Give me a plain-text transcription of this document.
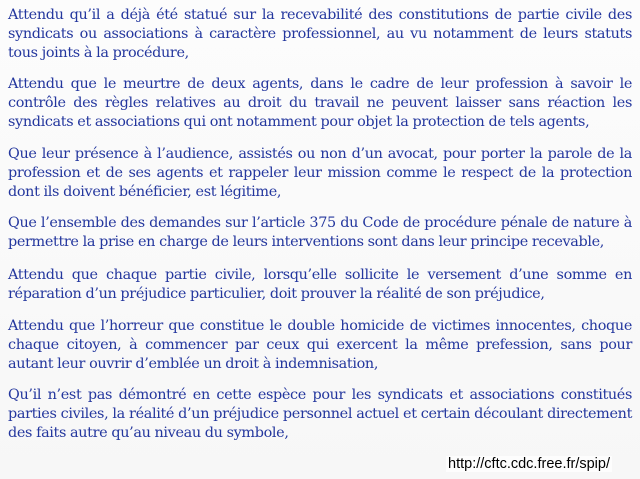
Attendu qu’il a déjà été statué sur la recevabilité des constitutions de partie civile des syndicats ou associations à caractère professionnel, au vu notamment de leurs statuts tous joints à la procédure,

Attendu que le meurtre de deux agents, dans le cadre de leur profession à savoir le contrôle des règles relatives au droit du travail ne peuvent laisser sans réaction les syndicats et associations qui ont notamment pour objet la protection de tels agents,

Que leur présence à l’audience, assistés ou non d’un avocat, pour porter la parole de la profession et de ses agents et rappeler leur mission comme le respect de la protection dont ils doivent bénéficier, est légitime,

Que l’ensemble des demandes sur l’article 375 du Code de procédure pénale de nature à permettre la prise en charge de leurs interventions sont dans leur principe recevable,

Attendu que chaque partie civile, lorsqu’elle sollicite le versement d’une somme en réparation d’un préjudice particulier, doit prouver la réalité de son préjudice,

Attendu que l’horreur que constitue le double homicide de victimes innocentes, choque chaque citoyen, à commencer par ceux qui exercent la même prefession, sans pour autant leur ouvrir d’emblée un droit à indemnisation,

Qu’il n’est pas démontré en cette espèce pour les syndicats et associations constitués parties civiles, la réalité d’un préjudice personnel actuel et certain découlant directement des faits autre qu’au niveau du symbole,

http://cftc.cdc.free.fr/spip/
